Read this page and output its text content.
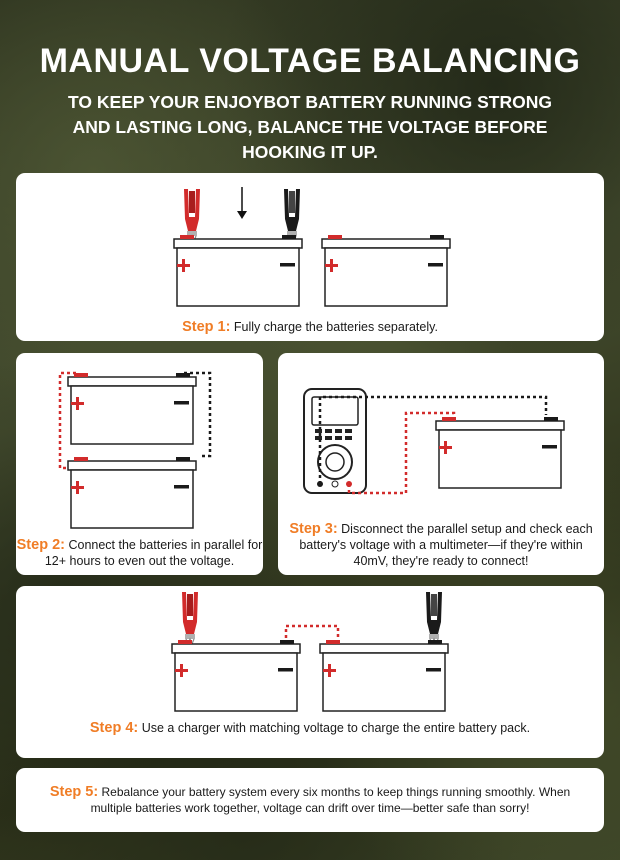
MANUAL VOLTAGE BALANCING
TO KEEP YOUR ENJOYBOT BATTERY RUNNING STRONG AND LASTING LONG, BALANCE THE VOLTAGE BEFORE HOOKING IT UP.
Step 1: Fully charge the batteries separately.
Step 2: Connect the batteries in parallel for 12+ hours to even out the voltage.
Step 3: Disconnect the parallel setup and check each battery's voltage with a multimeter—if they're within 40mV, they're ready to connect!
Step 4: Use a charger with matching voltage to charge the entire battery pack.
Step 5: Rebalance your battery system every six months to keep things running smoothly. When multiple batteries work together, voltage can drift over time—better safe than sorry!
